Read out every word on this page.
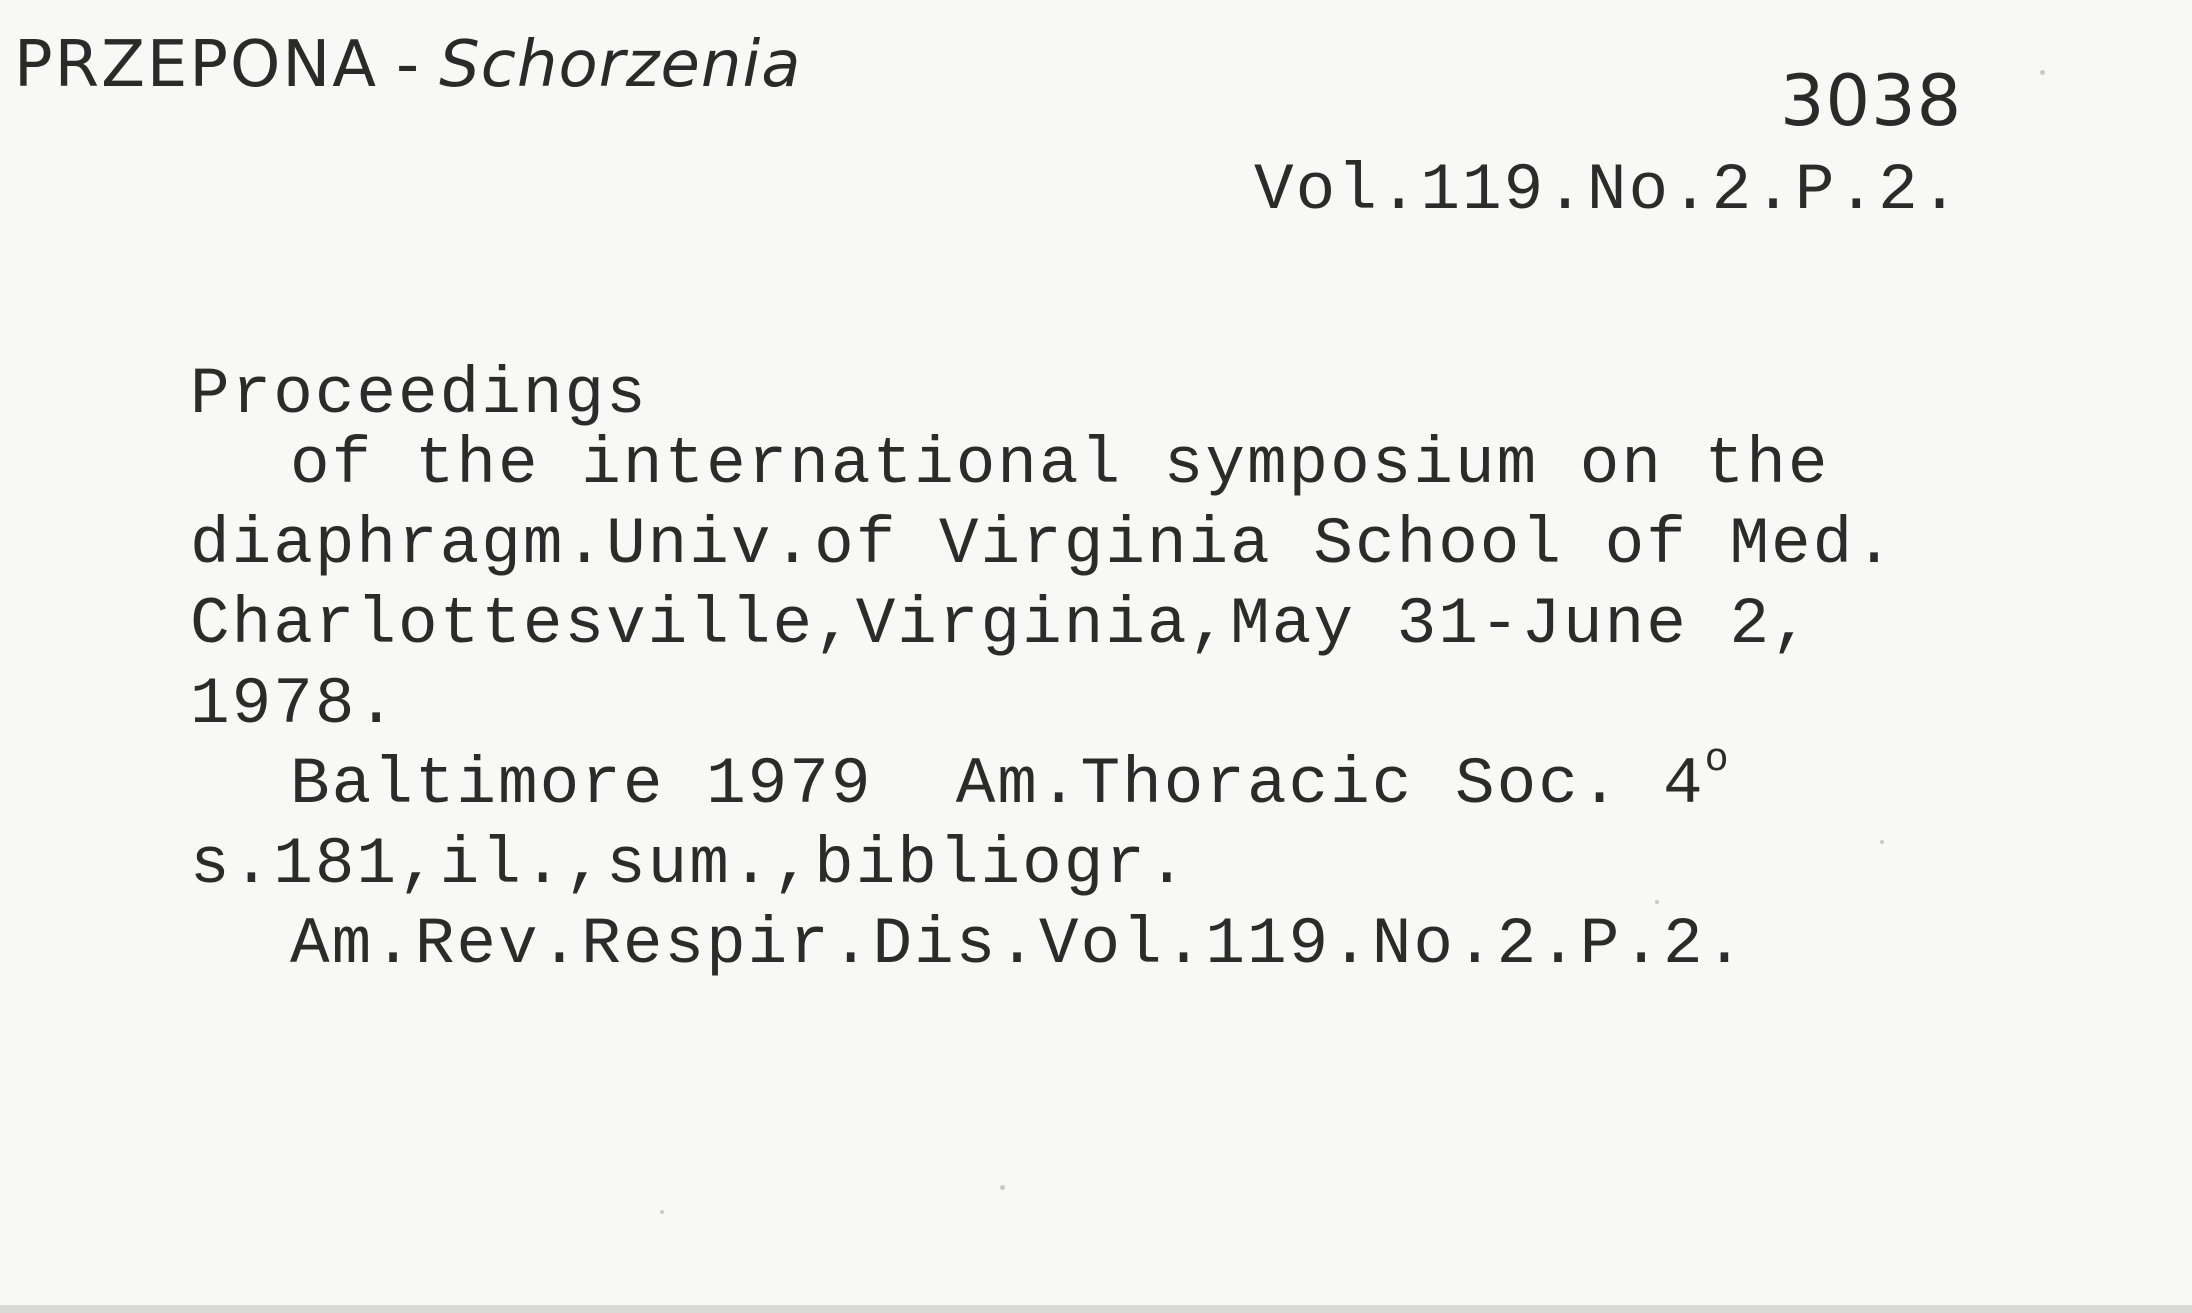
PRZEPONA - Schorzenia	3038
Vol.119.No.2.P.2.
Proceedings
of the international symposium on the
diaphragm.Univ.of Virginia School of Med.
Charlottesville,Virginia,May 31-June 2,
1978.
Baltimore 1979  Am.Thoracic Soc. 4$^o$
s.181,il.,sum.,bibliogr.
Am.Rev.Respir.Dis.Vol.119.No.2.P.2.
